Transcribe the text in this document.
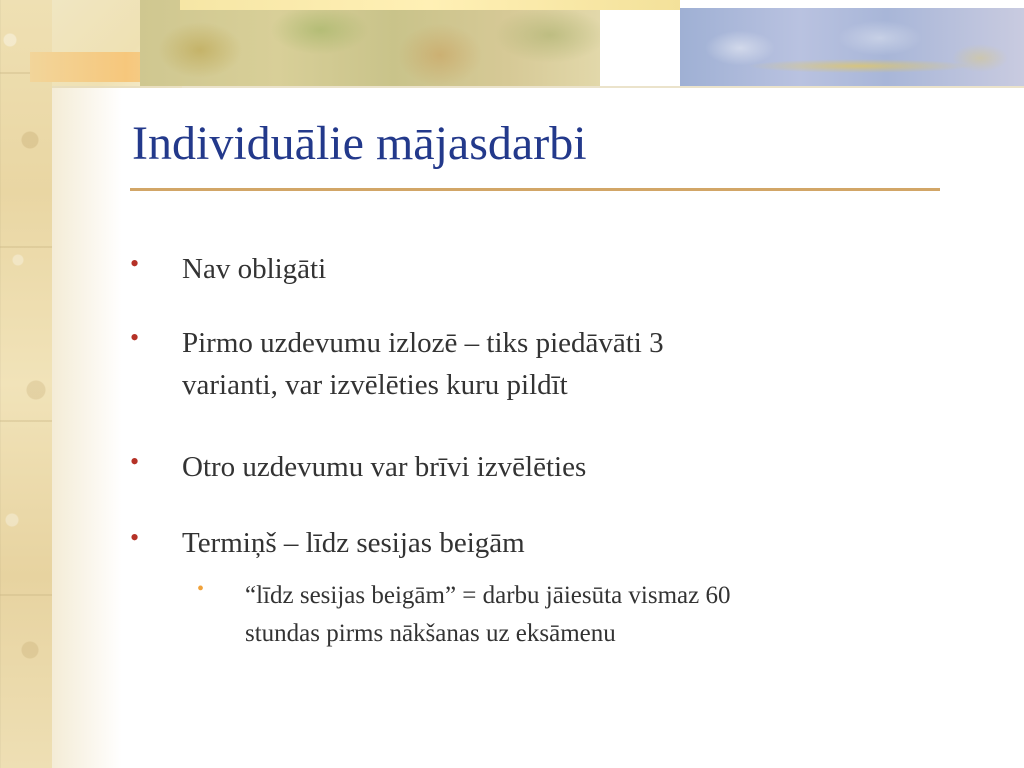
Individuālie mājasdarbi
• Nav obligāti
• Pirmo uzdevumu izlozē – tiks piedāvāti 3
varianti, var izvēlēties kuru pildīt
• Otro uzdevumu var brīvi izvēlēties
• Termiņš – līdz sesijas beigām
• “līdz sesijas beigām” = darbu jāiesūta vismaz 60
stundas pirms nākšanas uz eksāmenu
